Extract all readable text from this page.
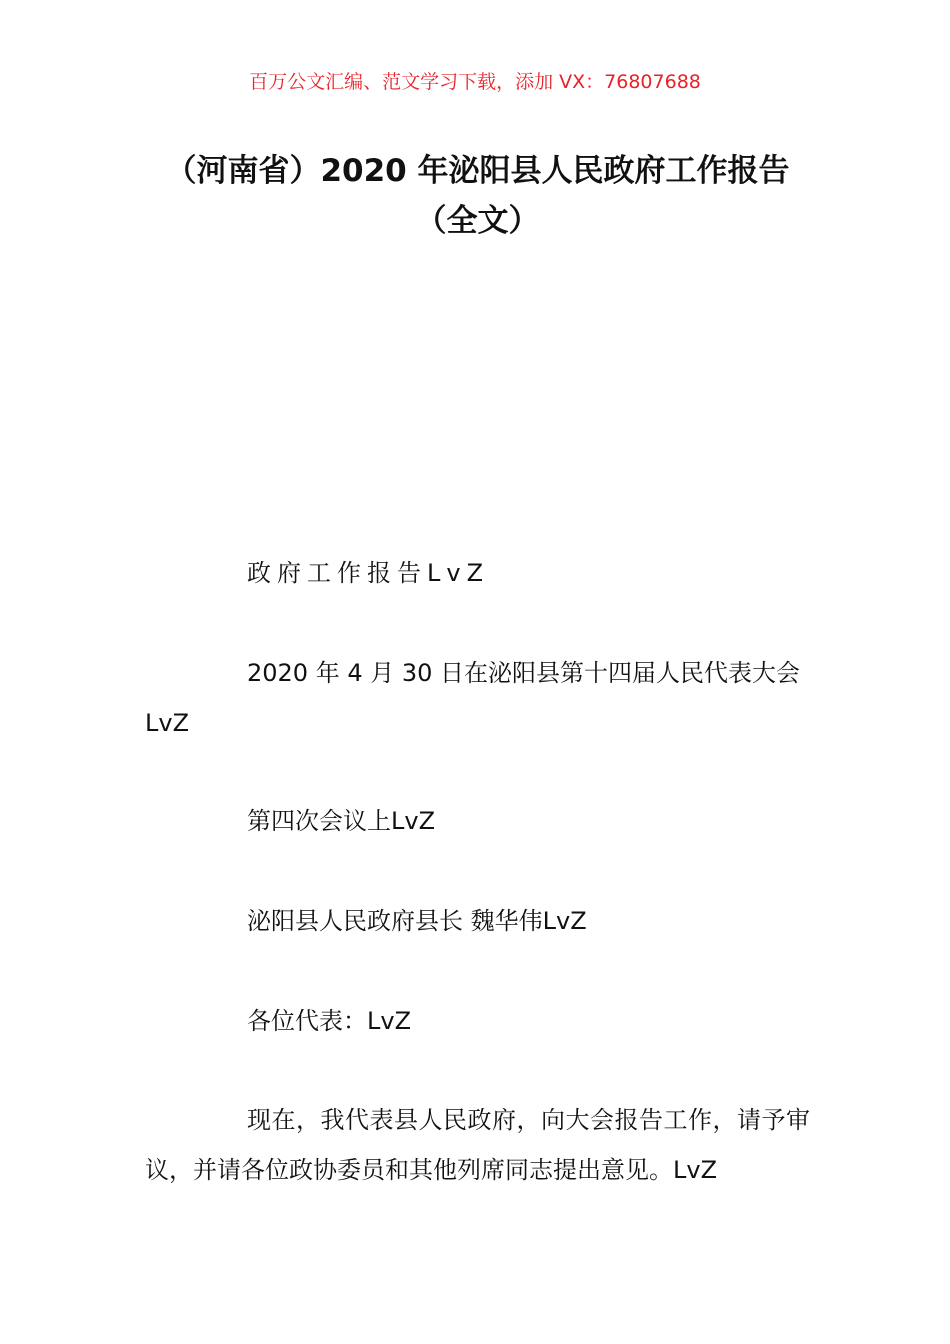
百万公文汇编、范文学习下载，添加 VX：76807688
（河南省）2020 年泌阳县人民政府工作报告（全文）
政府工作报告LvZ
2020 年 4 月 30 日在泌阳县第十四届人民代表大会LvZ
第四次会议上LvZ
泌阳县人民政府县长 魏华伟LvZ
各位代表：LvZ
现在，我代表县人民政府，向大会报告工作，请予审议，并请各位政协委员和其他列席同志提出意见。LvZ
